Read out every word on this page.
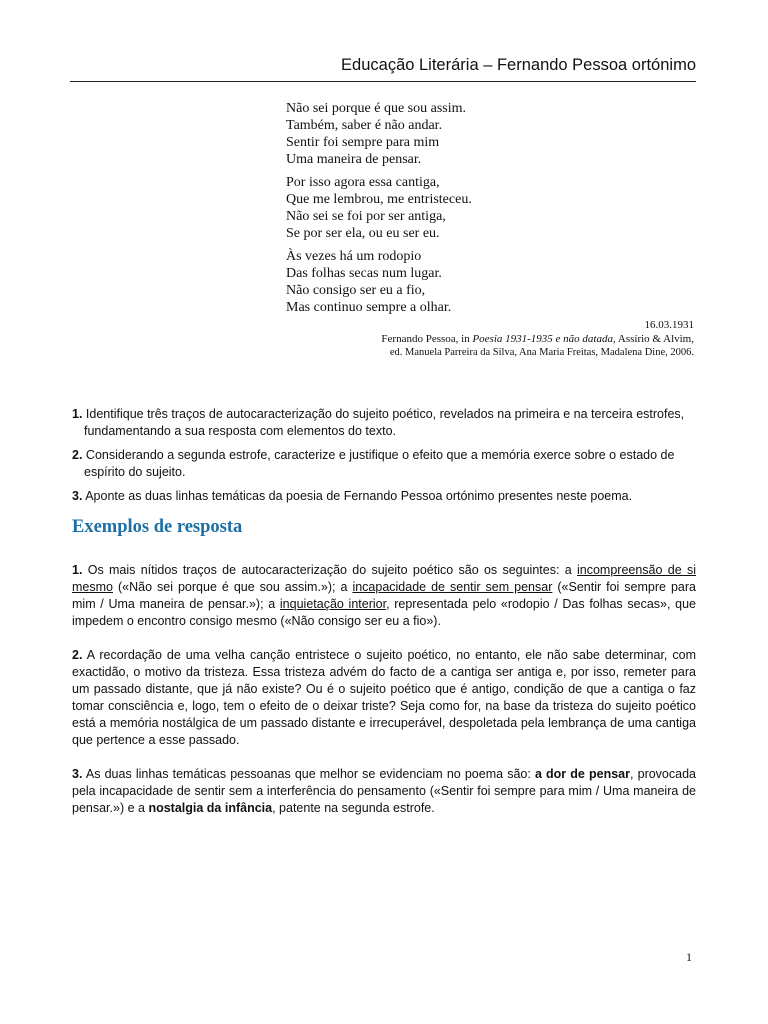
Educação Literária – Fernando Pessoa ortónimo
Não sei porque é que sou assim.
Também, saber é não andar.
Sentir foi sempre para mim
Uma maneira de pensar.
Por isso agora essa cantiga,
Que me lembrou, me entristeceu.
Não sei se foi por ser antiga,
Se por ser ela, ou eu ser eu.
Às vezes há um rodopio
Das folhas secas num lugar.
Não consigo ser eu a fio,
Mas continuo sempre a olhar.
16.03.1931
Fernando Pessoa, in Poesia 1931-1935 e não datada, Assírio & Alvim,
ed. Manuela Parreira da Silva, Ana Maria Freitas, Madalena Dine, 2006.
1. Identifique três traços de autocaracterização do sujeito poético, revelados na primeira e na terceira estrofes, fundamentando a sua resposta com elementos do texto.
2. Considerando a segunda estrofe, caracterize e justifique o efeito que a memória exerce sobre o estado de espírito do sujeito.
3. Aponte as duas linhas temáticas da poesia de Fernando Pessoa ortónimo presentes neste poema.
Exemplos de resposta

1. Os mais nítidos traços de autocaracterização do sujeito poético são os seguintes: a incompreensão de si mesmo («Não sei porque é que sou assim.»); a incapacidade de sentir sem pensar («Sentir foi sempre para mim / Uma maneira de pensar.»); a inquietação interior, representada pelo «rodopio / Das folhas secas», que impedem o encontro consigo mesmo («Não consigo ser eu a fio»).

2. A recordação de uma velha canção entristece o sujeito poético, no entanto, ele não sabe determinar, com exactidão, o motivo da tristeza. Essa tristeza advém do facto de a cantiga ser antiga e, por isso, remeter para um passado distante, que já não existe? Ou é o sujeito poético que é antigo, condição de que a cantiga o faz tomar consciência e, logo, tem o efeito de o deixar triste? Seja como for, na base da tristeza do sujeito poético está a memória nostálgica de um passado distante e irrecuperável, despoletada pela lembrança de uma cantiga que pertence a esse passado.

3. As duas linhas temáticas pessoanas que melhor se evidenciam no poema são: a dor de pensar, provocada pela incapacidade de sentir sem a interferência do pensamento («Sentir foi sempre para mim / Uma maneira de pensar.») e a nostalgia da infância, patente na segunda estrofe.

1
